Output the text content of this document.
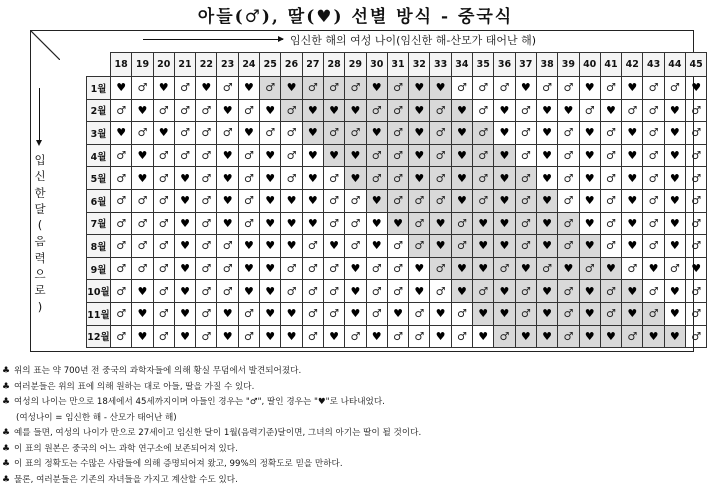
아들(♂), 딸(♥) 선별 방식 - 중국식
임신한 해의 여성 나이(임신한 해-산모가 태어난 해)
입
신
한
달
(
음
력
으
로
)
	18	19	20	21	22	23	24	25	26	27	28	29	30	31	32	33	34	35	36	37	38	39	40	41	42	43	44	45
1월	♥	♂	♥	♂	♥	♂	♥	♂	♥	♂	♂	♂	♥	♂	♥	♥	♂	♂	♂	♥	♂	♂	♥	♂	♥	♂	♂	♥
2월	♂	♥	♂	♂	♂	♥	♂	♥	♂	♥	♥	♥	♂	♂	♥	♂	♥	♂	♥	♂	♥	♥	♂	♥	♂	♂	♥	♂
3월	♥	♂	♥	♂	♂	♂	♥	♂	♂	♥	♂	♂	♥	♂	♥	♂	♥	♂	♥	♂	♥	♂	♥	♂	♥	♂	♥	♂
4월	♂	♥	♂	♂	♂	♥	♂	♥	♂	♥	♥	♥	♂	♂	♥	♂	♥	♂	♥	♂	♥	♂	♥	♂	♥	♂	♥	♂
5월	♂	♥	♂	♥	♂	♥	♂	♥	♂	♥	♂	♥	♂	♂	♥	♂	♥	♂	♥	♂	♥	♂	♥	♂	♥	♂	♥	♂
6월	♂	♂	♂	♥	♂	♥	♂	♥	♥	♥	♂	♂	♥	♂	♂	♂	♥	♂	♥	♂	♥	♂	♥	♂	♥	♂	♥	♂
7월	♂	♂	♂	♥	♂	♥	♂	♥	♥	♥	♂	♂	♥	♥	♂	♥	♂	♥	♥	♂	♥	♂	♥	♂	♥	♂	♥	♂
8월	♂	♂	♂	♥	♂	♂	♥	♥	♥	♂	♥	♂	♥	♂	♂	♥	♂	♥	♥	♂	♥	♂	♥	♂	♥	♂	♥	♂
9월	♂	♂	♂	♥	♂	♂	♥	♥	♂	♂	♂	♥	♂	♂	♥	♂	♥	♥	♂	♥	♂	♥	♂	♥	♂	♥	♂	♥
10월	♂	♥	♂	♥	♂	♂	♥	♥	♂	♂	♂	♥	♂	♂	♥	♂	♥	♂	♥	♂	♥	♂	♥	♂	♥	♂	♥	♂
11월	♂	♥	♂	♥	♂	♥	♂	♥	♥	♂	♂	♥	♂	♥	♂	♥	♂	♥	♥	♂	♥	♂	♥	♂	♥	♂	♥	♂
12월	♂	♥	♂	♥	♂	♥	♂	♥	♥	♂	♥	♂	♥	♂	♂	♥	♂	♥	♂	♥	♥	♂	♥	♥	♂	♥	♥	♂
♣ 위의 표는 약 700년 전 중국의 과학자들에 의해 황실 무덤에서 발견되어졌다.
♣ 여러분들은 위의 표에 의해 원하는 대로 아들, 딸을 가질 수 있다.
♣ 여성의 나이는 만으로 18세에서 45세까지이며 아들인 경우는 "♂", 딸인 경우는 "♥"로 나타내었다.
(여성나이 = 임신한 해 - 산모가 태어난 해)
♣ 예를 들면, 여성의 나이가 만으로 27세이고 임신한 달이 1월(음력기준)달이면, 그녀의 아기는 딸이 될 것이다.
♣ 이 표의 원본은 중국의 어느 과학 연구소에 보존되어져 있다.
♣ 이 표의 정확도는 수많은 사람들에 의해 증명되어져 왔고, 99%의 정확도로 믿을 만하다.
♣ 물론, 여러분들은 기존의 자녀들을 가지고 계산할 수도 있다.
